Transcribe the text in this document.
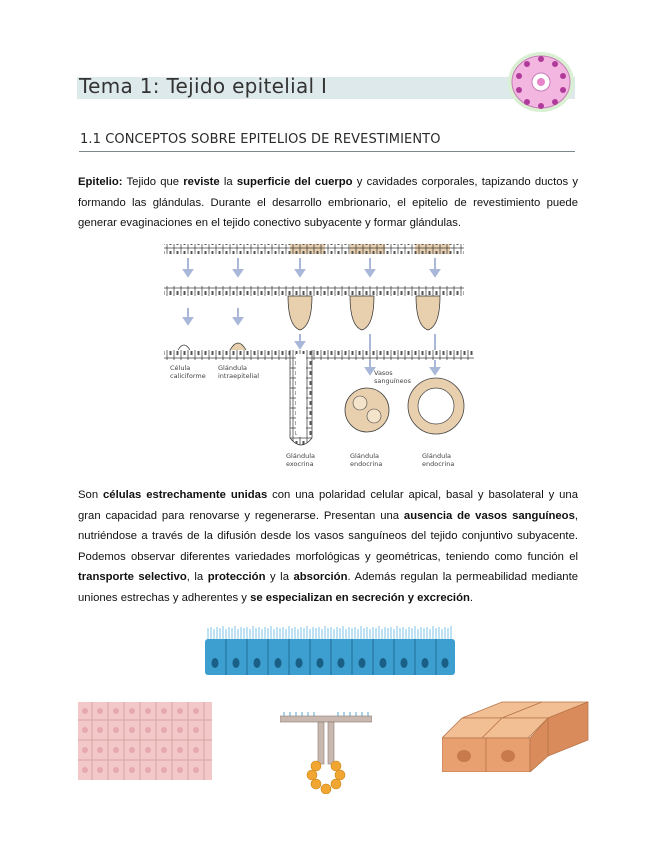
Tema 1: Tejido epitelial I
1.1 CONCEPTOS SOBRE EPITELIOS DE REVESTIMIENTO
Epitelio: Tejido que reviste la superficie del cuerpo y cavidades corporales, tapizando ductos y formando las glándulas. Durante el desarrollo embrionario, el epitelio de revestimiento puede generar evaginaciones en el tejido conectivo subyacente y formar glándulas.
Célula
caliciforme
Glándula
intraepitelial	Vasos
sanguíneos
Glándula
exocrina
Glándula
endocrina
Glándula
endocrina
Son células estrechamente unidas con una polaridad celular apical, basal y basolateral y una gran capacidad para renovarse y regenerarse. Presentan una ausencia de vasos sanguíneos, nutriéndose a través de la difusión desde los vasos sanguíneos del tejido conjuntivo subyacente. Podemos observar diferentes variedades morfológicas y geométricas, teniendo como función el transporte selectivo, la protección y la absorción. Además regulan la permeabilidad mediante uniones estrechas y adherentes y se especializan en secreción y excreción.
